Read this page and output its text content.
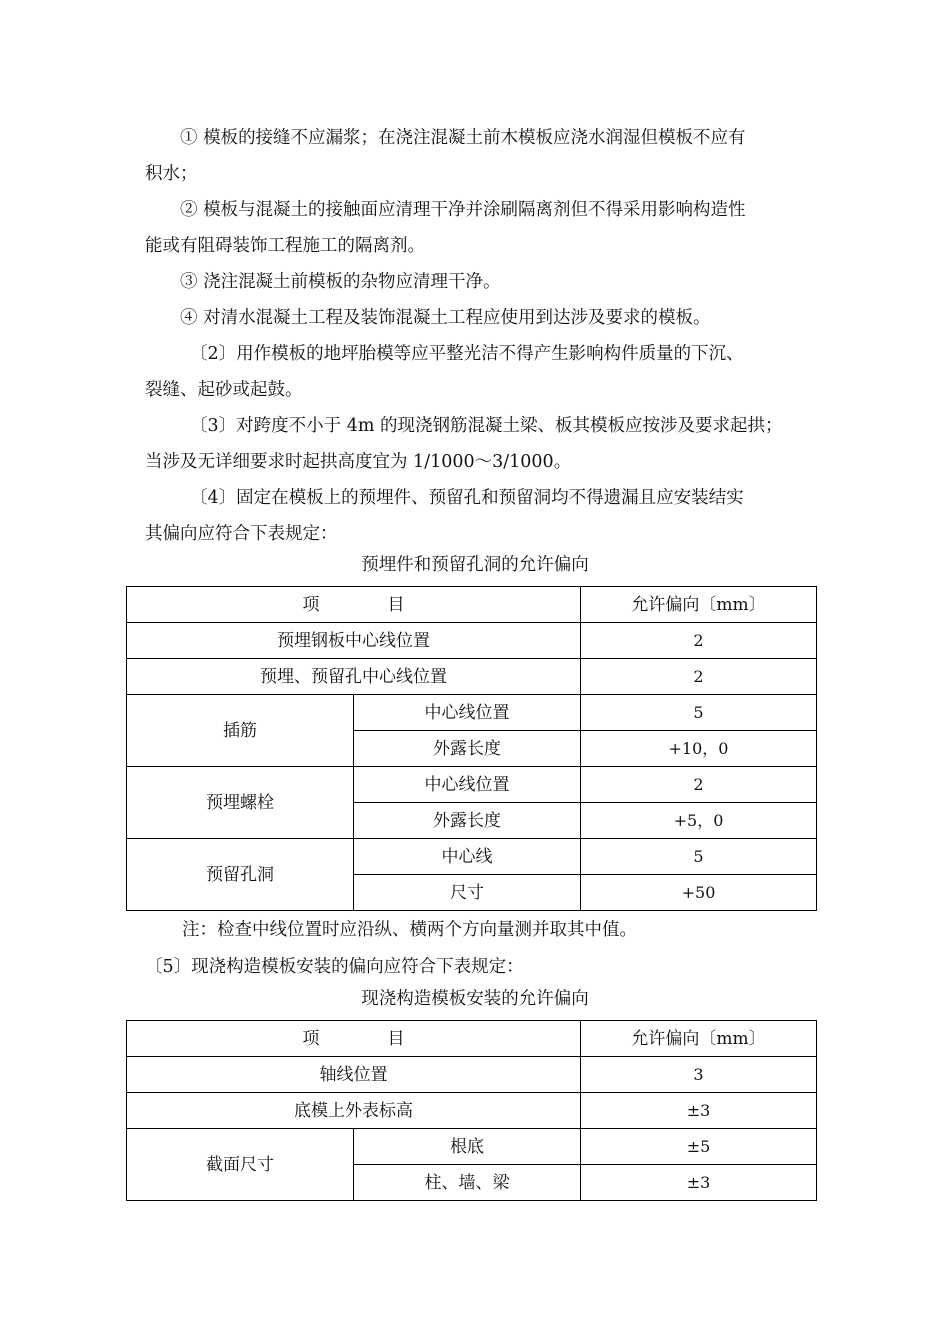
① 模板的接缝不应漏浆；在浇注混凝土前木模板应浇水润湿但模板不应有

积水；

② 模板与混凝土的接触面应清理干净并涂刷隔离剂但不得采用影响构造性

能或有阻碍装饰工程施工的隔离剂。

③ 浇注混凝土前模板的杂物应清理干净。

④ 对清水混凝土工程及装饰混凝土工程应使用到达涉及要求的模板。

〔2〕用作模板的地坪胎模等应平整光洁不得产生影响构件质量的下沉、

裂缝、起砂或起鼓。

〔3〕对跨度不小于 4m 的现浇钢筋混凝土梁、板其模板应按涉及要求起拱；

当涉及无详细要求时起拱高度宜为 1/1000～3/1000。

〔4〕固定在模板上的预埋件、预留孔和预留洞均不得遗漏且应安装结实

其偏向应符合下表规定：

预埋件和预留孔洞的允许偏向

项　　　　目		允许偏向〔mm〕
预埋钢板中心线位置		2
预埋、预留孔中心线位置		2
插筋	中心线位置	5
	外露长度	+10，0
预埋螺栓	中心线位置	2
	外露长度	+5，0
预留孔洞	中心线	5
	尺寸	+50

注：检查中线位置时应沿纵、横两个方向量测并取其中值。

〔5〕现浇构造模板安装的偏向应符合下表规定：

现浇构造模板安装的允许偏向

项　　　　目		允许偏向〔mm〕
轴线位置		3
底模上外表标高		±3
截面尺寸	根底	±5
	柱、墙、梁	±3
